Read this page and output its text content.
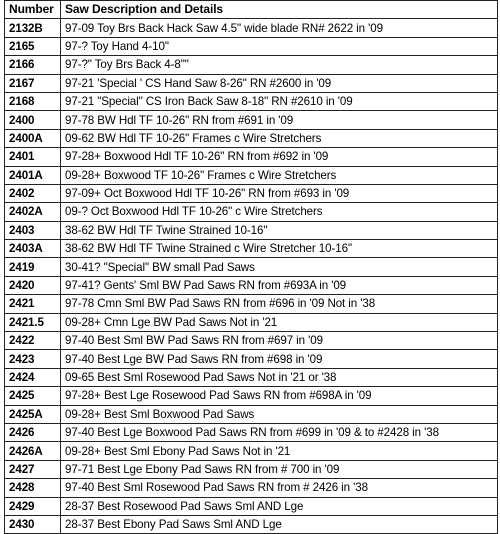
Number	Saw Description and Details
2132B	97-09 Toy Brs Back Hack Saw 4.5" wide blade RN# 2622 in '09
2165	97-? Toy Hand 4-10"
2166	97-?" Toy Brs Back 4-8""
2167	97-21 'Special ' CS Hand Saw 8-26" RN #2600 in '09
2168	97-21 "Special" CS Iron Back Saw 8-18" RN #2610 in '09
2400	97-78 BW Hdl TF 10-26" RN from #691 in '09
2400A	09-62 BW Hdl TF 10-26" Frames c Wire Stretchers
2401	97-28+ Boxwood Hdl TF 10-26" RN from #692 in '09
2401A	09-28+ Boxwood TF 10-26" Frames c Wire Stretchers
2402	97-09+ Oct Boxwood Hdl TF 10-26" RN from #693 in '09
2402A	09-? Oct Boxwood Hdl TF 10-26" c Wire Stretchers
2403	38-62 BW Hdl TF Twine Strained 10-16"
2403A	38-62 BW Hdl TF Twine Strained c Wire Stretcher 10-16"
2419	30-41? "Special" BW small Pad Saws
2420	97-41? Gents' Sml BW Pad Saws RN from #693A in '09
2421	97-78 Cmn Sml BW Pad Saws RN from #696 in '09 Not in '38
2421.5	09-28+ Cmn Lge BW Pad Saws Not in '21
2422	97-40 Best Sml BW Pad Saws RN from #697 in '09
2423	97-40 Best Lge BW Pad Saws RN from #698 in '09
2424	09-65 Best Sml Rosewood Pad Saws Not in '21 or '38
2425	97-28+ Best Lge Rosewood Pad Saws RN from #698A in '09
2425A	09-28+ Best Sml Boxwood Pad Saws
2426	97-40 Best Lge Boxwood Pad Saws RN from #699 in '09 & to #2428 in '38
2426A	09-28+ Best Sml Ebony Pad Saws Not in '21
2427	97-71 Best Lge Ebony Pad Saws RN from # 700 in '09
2428	97-40 Best Sml Rosewood Pad Saws RN from # 2426 in '38
2429	28-37 Best Rosewood Pad Saws Sml AND Lge
2430	28-37 Best Ebony Pad Saws Sml AND Lge
